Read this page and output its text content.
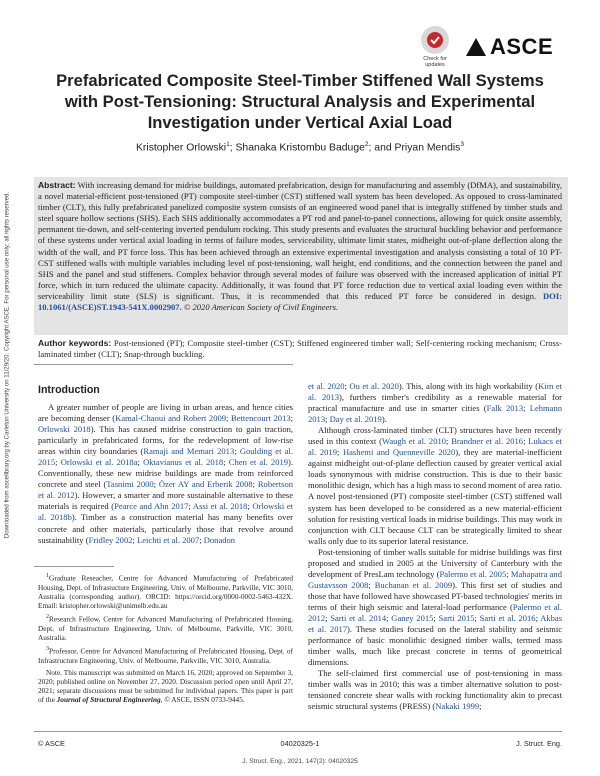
Downloaded from ascelibrary.org by Carleton University on 11/29/20. Copyright ASCE. For personal use only; all rights reserved.
Check for updates
ASCE
Prefabricated Composite Steel-Timber Stiffened Wall Systems with Post-Tensioning: Structural Analysis and Experimental Investigation under Vertical Axial Load
Kristopher Orlowski$^1$; Shanaka Kristombu Baduge$^2$; and Priyan Mendis$^3$

Abstract: With increasing demand for midrise buildings, automated prefabrication, design for manufacturing and assembly (DfMA), and sustainability, a novel material-efficient post-tensioned (PT) composite steel-timber (CST) stiffened wall system has been developed. As opposed to cross-laminated timber (CLT), this fully prefabricated panelized composite system consists of an engineered wood panel that is integrally stiffened by timber studs and steel square hollow sections (SHS). Each SHS additionally accommodates a PT rod and panel-to-panel connections, allowing for quick onsite assembly, permanent tie-down, and self-centering inverted pendulum rocking. This study presents and evaluates the structural buckling behavior and performance of these systems under vertical axial loading in terms of failure modes, serviceability, ultimate limit states, midheight out-of-plane deflection along the width of the wall, and PT force loss. This has been achieved through an extensive experimental investigation and analysis consisting a total of 10 PT-CST stiffened walls with multiple variables including level of post-tensioning, wall height, end conditions, and the connection between the panel and SHS and the panel and stud stiffeners. Complex behavior through several modes of failure was observed with the increased application of initial PT force, which in turn reduced the ultimate capacity. Additionally, it was found that PT force reduction due to vertical axial loading even within the serviceability limit state (SLS) is significant. Thus, it is recommended that this reduced PT force be considered in design. DOI: 10.1061/(ASCE)ST.1943-541X.0002907. © 2020 American Society of Civil Engineers.

Author keywords: Post-tensioned (PT); Composite steel-timber (CST); Stiffened engineered timber wall; Self-centering rocking mechanism; Cross-laminated timber (CLT); Snap-through buckling.

Introduction

A greater number of people are living in urban areas, and hence cities are becoming denser (Kamal-Chaoui and Robert 2009; Bettencourt 2013; Orlowski 2018). This has caused midrise construction to gain traction, particularly in prefabricated forms, for the redevelopment of low-rise areas within city boundaries (Ramaji and Memari 2013; Goulding et al. 2015; Orlowski et al. 2018a; Oktavianus et al. 2018; Chen et al. 2019). Conventionally, these new midrise buildings are made from reinforced concrete and steel (Tasnimi 2000; Özer AY and Erberik 2008; Robertson et al. 2012). However, a smarter and more sustainable alternative to these materials is required (Pearce and Ahn 2017; Assi et al. 2018; Orlowski et al. 2018b). Timber as a construction material has many benefits over concrete and other materials, particularly those that revolve around sustainability (Fridley 2002; Leichti et al. 2007; Donadon

et al. 2020; Ou et al. 2020). This, along with its high workability (Kim et al. 2013), furthers timber's credibility as a renewable material for practical manufacture and use in smarter cities (Falk 2013; Lehmann 2013; Day et al. 2019).

Although cross-laminated timber (CLT) structures have been recently used in this context (Waugh et al. 2010; Brandner et al. 2016; Lukacs et al. 2019; Hashemi and Quenneville 2020), they are material-inefficient against midheight out-of-plane deflection caused by greater vertical axial loads synonymous with midrise construction. This is due to their basic monolithic design, which has a high mass to second moment of area ratio. A novel post-tensioned (PT) composite steel-timber (CST) stiffened wall system has been developed to be considered as a new material-efficient solution for resisting vertical loads in midrise buildings. This may work in conjunction with CLT because CLT can be strategically limited to shear walls only due to its superior lateral resistance.

Post-tensioning of timber walls suitable for midrise buildings was first proposed and studied in 2005 at the University of Canterbury with the development of PresLam technology (Palermo et al. 2005; Mahapatra and Gustavsson 2008; Buchanan et al. 2009). This first set of studies and those that have followed have showcased PT-based technologies' merits in terms of their high seismic and lateral-load performance (Palermo et al. 2012; Sarti et al. 2014; Ganey 2015; Sarti 2015; Sarti et al. 2016; Akbas et al. 2017). These studies focused on the lateral stability and seismic performance of basic monolithic designed timber walls, termed mass timber walls, much like precast concrete in terms of geometrical dimensions.

The self-claimed first commercial use of post-tensioning in mass timber walls was in 2010; this was a timber alternative solution to post-tensioned concrete shear walls with rocking functionality akin to precast seismic structural systems (PRESS) (Nakaki 1999;

$^1$Graduate Reseacher, Centre for Advanced Manufacturing of Prefabricated Housing, Dept. of Infrastucture Engineering, Univ. of Melbourne, Parkville, VIC 3010, Australia (corresponding author). ORCID: https://orcid.org/0000-0002-5463-432X. Email: kristopher.orlowski@unimelb.edu.au

$^2$Research Fellow, Centre for Advanced Manufacturing of Prefabricated Housing, Dept. of Infrastructure Engineering, Univ. of Melbourne, Parkville, VIC 3010, Australia.

$^3$Professor, Centre for Advanced Manufacturing of Prefabricated Housing, Dept. of Infrastructure Engineering, Univ. of Melbourne, Parkville, VIC 3010, Australia.

Note. This manuscript was submitted on March 16, 2020; approved on September 3, 2020; published online on November 27, 2020. Discussion period open until April 27, 2021; separate discussions must be submitted for individual papers. This paper is part of the Journal of Structural Engineering, © ASCE, ISSN 0733-9445.

© ASCE	04020325-1	J. Struct. Eng.
J. Struct. Eng., 2021, 147(2): 04020325
